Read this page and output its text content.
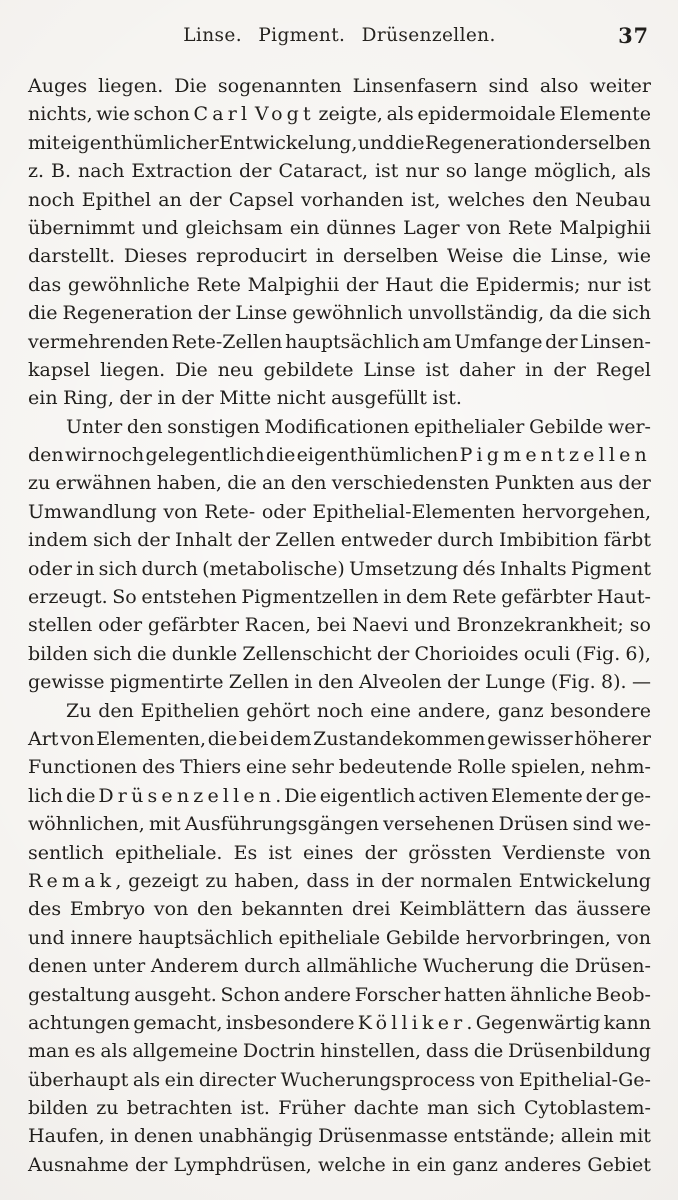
Linse. Pigment. Drüsenzellen.	37
Auges liegen. Die sogenannten Linsenfasern sind also weiter
nichts, wie schon Carl Vogt zeigte, als epidermoidale Elemente
mit eigenthümlicher Entwickelung, und die Regeneration derselben
z. B. nach Extraction der Cataract, ist nur so lange möglich, als
noch Epithel an der Capsel vorhanden ist, welches den Neubau
übernimmt und gleichsam ein dünnes Lager von Rete Malpighii
darstellt. Dieses reproducirt in derselben Weise die Linse, wie
das gewöhnliche Rete Malpighii der Haut die Epidermis; nur ist
die Regeneration der Linse gewöhnlich unvollständig, da die sich
vermehrenden Rete-Zellen hauptsächlich am Umfange der Linsen-
kapsel liegen. Die neu gebildete Linse ist daher in der Regel
ein Ring, der in der Mitte nicht ausgefüllt ist.
Unter den sonstigen Modificationen epithelialer Gebilde wer-
den wir noch gelegentlich die eigenthümlichen Pigmentzellen
zu erwähnen haben, die an den verschiedensten Punkten aus der
Umwandlung von Rete- oder Epithelial-Elementen hervorgehen,
indem sich der Inhalt der Zellen entweder durch Imbibition färbt
oder in sich durch (metabolische) Umsetzung dés Inhalts Pigment
erzeugt. So entstehen Pigmentzellen in dem Rete gefärbter Haut-
stellen oder gefärbter Racen, bei Naevi und Bronzekrankheit; so
bilden sich die dunkle Zellenschicht der Chorioides oculi (Fig. 6),
gewisse pigmentirte Zellen in den Alveolen der Lunge (Fig. 8). —
Zu den Epithelien gehört noch eine andere, ganz besondere
Art von Elementen, die bei dem Zustandekommen gewisser höherer
Functionen des Thiers eine sehr bedeutende Rolle spielen, nehm-
lich die Drüsenzellen. Die eigentlich activen Elemente der ge-
wöhnlichen, mit Ausführungsgängen versehenen Drüsen sind we-
sentlich epitheliale. Es ist eines der grössten Verdienste von
Remak, gezeigt zu haben, dass in der normalen Entwickelung
des Embryo von den bekannten drei Keimblättern das äussere
und innere hauptsächlich epitheliale Gebilde hervorbringen, von
denen unter Anderem durch allmähliche Wucherung die Drüsen-
gestaltung ausgeht. Schon andere Forscher hatten ähnliche Beob-
achtungen gemacht, insbesondere Kölliker. Gegenwärtig kann
man es als allgemeine Doctrin hinstellen, dass die Drüsenbildung
überhaupt als ein directer Wucherungsprocess von Epithelial-Ge-
bilden zu betrachten ist. Früher dachte man sich Cytoblastem-
Haufen, in denen unabhängig Drüsenmasse entstände; allein mit
Ausnahme der Lymphdrüsen, welche in ein ganz anderes Gebiet
